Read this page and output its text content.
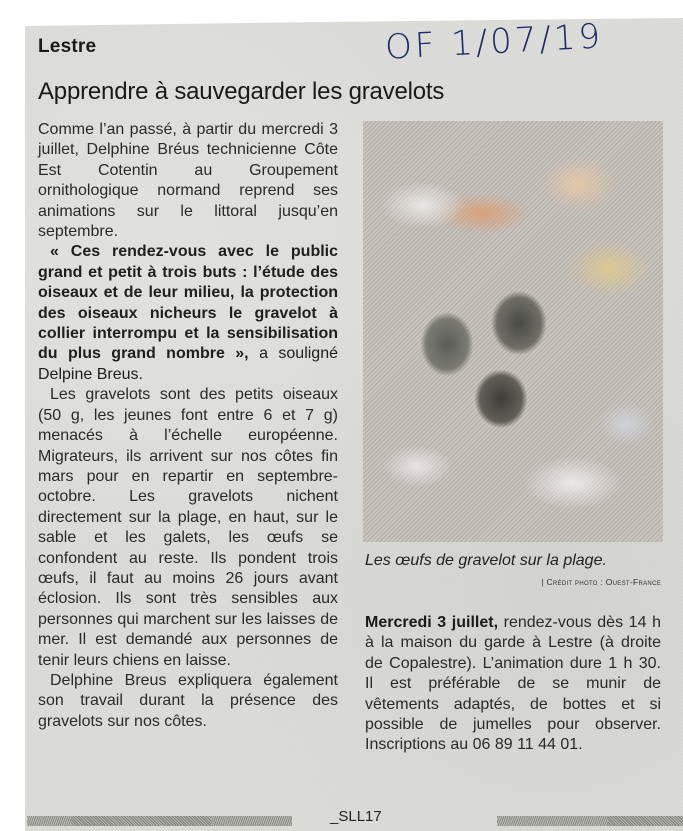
Lestre	OF 1/07/19
Apprendre à sauvegarder les gravelots

Comme l’an passé, à partir du mercredi 3 juillet, Delphine Bréus technicienne Côte Est Cotentin au Groupement ornithologique normand reprend ses animations sur le littoral jusqu’en septembre.

« Ces rendez-vous avec le public grand et petit à trois buts : l’étude des oiseaux et de leur milieu, la protection des oiseaux nicheurs le gravelot à collier interrompu et la sensibilisation du plus grand nombre », a souligné Delpine Breus.

Les gravelots sont des petits oiseaux (50 g, les jeunes font entre 6 et 7 g) menacés à l’échelle européenne. Migrateurs, ils arrivent sur nos côtes fin mars pour en repartir en septembre-octobre. Les gravelots nichent directement sur la plage, en haut, sur le sable et les galets, les œufs se confondent au reste. Ils pondent trois œufs, il faut au moins 26 jours avant éclosion. Ils sont très sensibles aux personnes qui marchent sur les laisses de mer. Il est demandé aux personnes de tenir leurs chiens en laisse.

Delphine Breus expliquera également son travail durant la présence des gravelots sur nos côtes.

Les œufs de gravelot sur la plage.
| Crédit photo : Ouest-France
Mercredi 3 juillet, rendez-vous dès 14 h à la maison du garde à Lestre (à droite de Copalestre). L’animation dure 1 h 30. Il est préférable de se munir de vêtements adaptés, de bottes et si possible de jumelles pour observer. Inscriptions au 06 89 11 44 01.
_SLL17
